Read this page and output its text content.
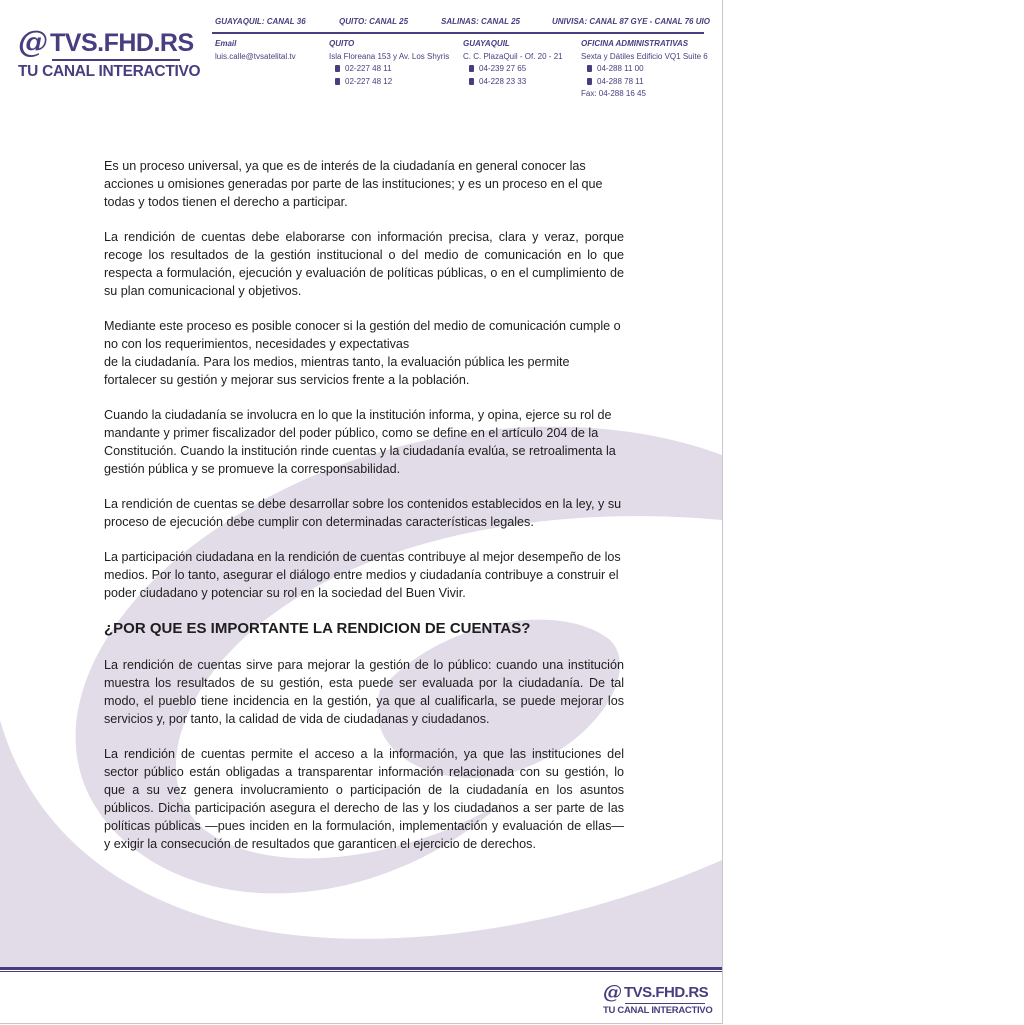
@ TVS.FHD.RS
TU CANAL INTERACTIVO
GUAYAQUIL: CANAL 36	QUITO: CANAL 25	SALINAS: CANAL 25	UNIVISA: CANAL 87 GYE - CANAL 76 UIO
Email
luis.calle@tvsatelital.tv
QUITO
Isla Floreana 153 y Av. Los Shyris
02-227 48 11
02-227 48 12
GUAYAQUIL
C. C. PlazaQuil - Of. 20 - 21
04-239 27 65
04-228 23 33
OFICINA ADMINISTRATIVAS
Sexta y Dátiles Edificio VQ1 Suite 6
04-288 11 00
04-288 78 11
Fax: 04-288 16 45

Es un proceso universal, ya que es de interés de la ciudadanía en general conocer las acciones u omisiones generadas por parte de las instituciones; y es un proceso en el que todas y todos tienen el derecho a participar.

La rendición de cuentas debe elaborarse con información precisa, clara y veraz, porque recoge los resultados de la gestión institucional o del medio de comunicación en lo que respecta a formulación, ejecución y evaluación de políticas públicas, o en el cumplimiento de su plan comunicacional y objetivos.

Mediante este proceso es posible conocer si la gestión del medio de comunicación cumple o no con los requerimientos, necesidades y expectativas
de la ciudadanía. Para los medios, mientras tanto, la evaluación pública les permite fortalecer su gestión y mejorar sus servicios frente a la población.

Cuando la ciudadanía se involucra en lo que la institución informa, y opina, ejerce su rol de mandante y primer fiscalizador del poder público, como se define en el artículo 204 de la Constitución. Cuando la institución rinde cuentas y la ciudadanía evalúa, se retroalimenta la gestión pública y se promueve la corresponsabilidad.

La rendición de cuentas se debe desarrollar sobre los contenidos establecidos en la ley, y su proceso de ejecución debe cumplir con determinadas características legales.

La participación ciudadana en la rendición de cuentas contribuye al mejor desempeño de los medios. Por lo tanto, asegurar el diálogo entre medios y ciudadanía contribuye a construir el poder ciudadano y potenciar su rol en la sociedad del Buen Vivir.

¿POR QUE ES IMPORTANTE LA RENDICION DE CUENTAS?

La rendición de cuentas sirve para mejorar la gestión de lo público: cuando una institución muestra los resultados de su gestión, esta puede ser evaluada por la ciudadanía. De tal modo, el pueblo tiene incidencia en la gestión, ya que al cualificarla, se puede mejorar los servicios y, por tanto, la calidad de vida de ciudadanas y ciudadanos.

La rendición de cuentas permite el acceso a la información, ya que las instituciones del sector público están obligadas a transparentar información relacionada con su gestión, lo que a su vez genera involucramiento o participación de la ciudadanía en los asuntos públicos. Dicha participación asegura el derecho de las y los ciudadanos a ser parte de las políticas públicas —pues inciden en la formulación, implementación y evaluación de ellas— y exigir la consecución de resultados que garanticen el ejercicio de derechos.

@ TVS.FHD.RS
TU CANAL INTERACTIVO
